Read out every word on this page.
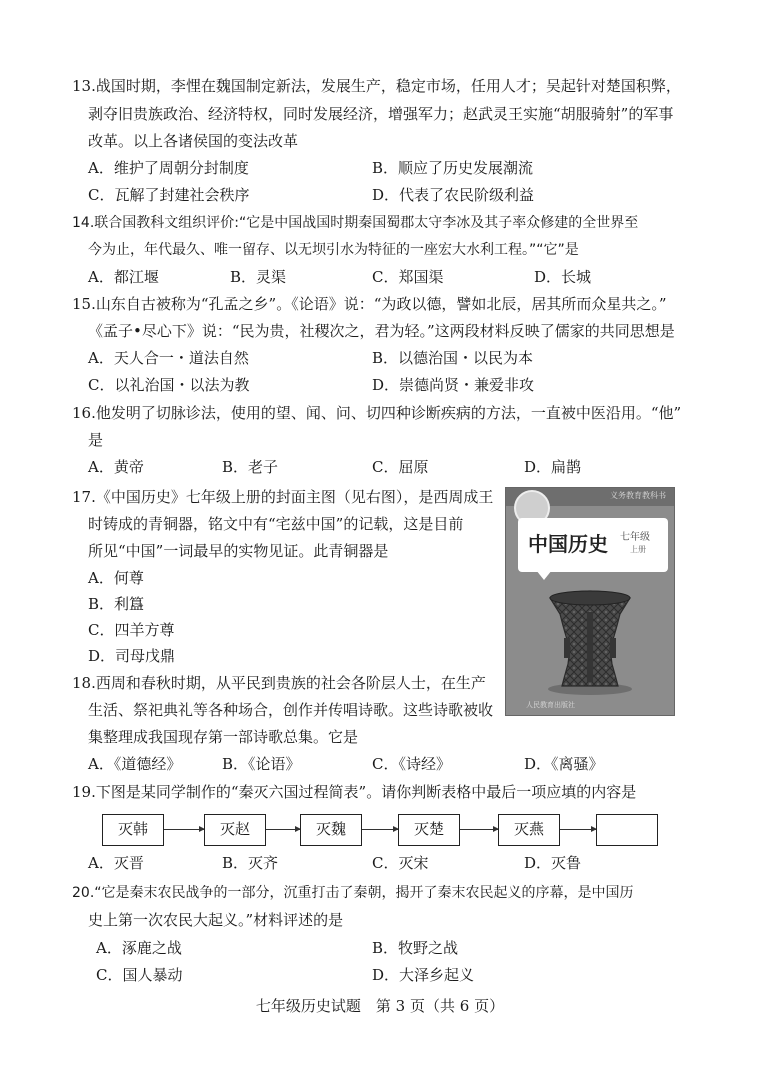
13.战国时期，李悝在魏国制定新法，发展生产，稳定市场，任用人才；吴起针对楚国积弊，
剥夺旧贵族政治、经济特权，同时发展经济，增强军力；赵武灵王实施“胡服骑射”的军事
改革。以上各诸侯国的变法改革
A．维护了周朝分封制度	B．顺应了历史发展潮流
C．瓦解了封建社会秩序	D．代表了农民阶级利益
14.联合国教科文组织评价:“它是中国战国时期秦国蜀郡太守李冰及其子率众修建的全世界至
今为止，年代最久、唯一留存、以无坝引水为特征的一座宏大水利工程。”“它”是
A．都江堰	B．灵渠	C．郑国渠	D．长城
15.山东自古被称为“孔孟之乡”。《论语》说：“为政以德，譬如北辰，居其所而众星共之。”
《孟子•尽心下》说：“民为贵，社稷次之，君为轻。”这两段材料反映了儒家的共同思想是
A．天人合一・道法自然	B．以德治国・以民为本
C．以礼治国・以法为教	D．崇德尚贤・兼爱非攻
16.他发明了切脉诊法，使用的望、闻、问、切四种诊断疾病的方法，一直被中医沿用。“他”
是
A．黄帝	B．老子	C．屈原	D．扁鹊
17.《中国历史》七年级上册的封面主图（见右图），是西周成王
时铸成的青铜器，铭文中有“宅兹中国”的记载，这是目前
所见“中国”一词最早的实物见证。此青铜器是
A．何尊
B．利簋
C．四羊方尊
D．司母戊鼎
义务教育教科书
中国历史 七年级
上册
人民教育出版社
18.西周和春秋时期，从平民到贵族的社会各阶层人士，在生产
生活、祭祀典礼等各种场合，创作并传唱诗歌。这些诗歌被收
集整理成我国现存第一部诗歌总集。它是
A．《道德经》	B．《论语》	C．《诗经》	D．《离骚》
19.下图是某同学制作的“秦灭六国过程简表”。请你判断表格中最后一项应填的内容是
灭韩	灭赵	灭魏	灭楚	灭燕
A．灭晋	B．灭齐	C．灭宋	D．灭鲁
20.“它是秦末农民战争的一部分，沉重打击了秦朝，揭开了秦末农民起义的序幕，是中国历
史上第一次农民大起义。”材料评述的是
A．涿鹿之战	B．牧野之战
C．国人暴动	D．大泽乡起义
七年级历史试题　第 3 页（共 6 页）
